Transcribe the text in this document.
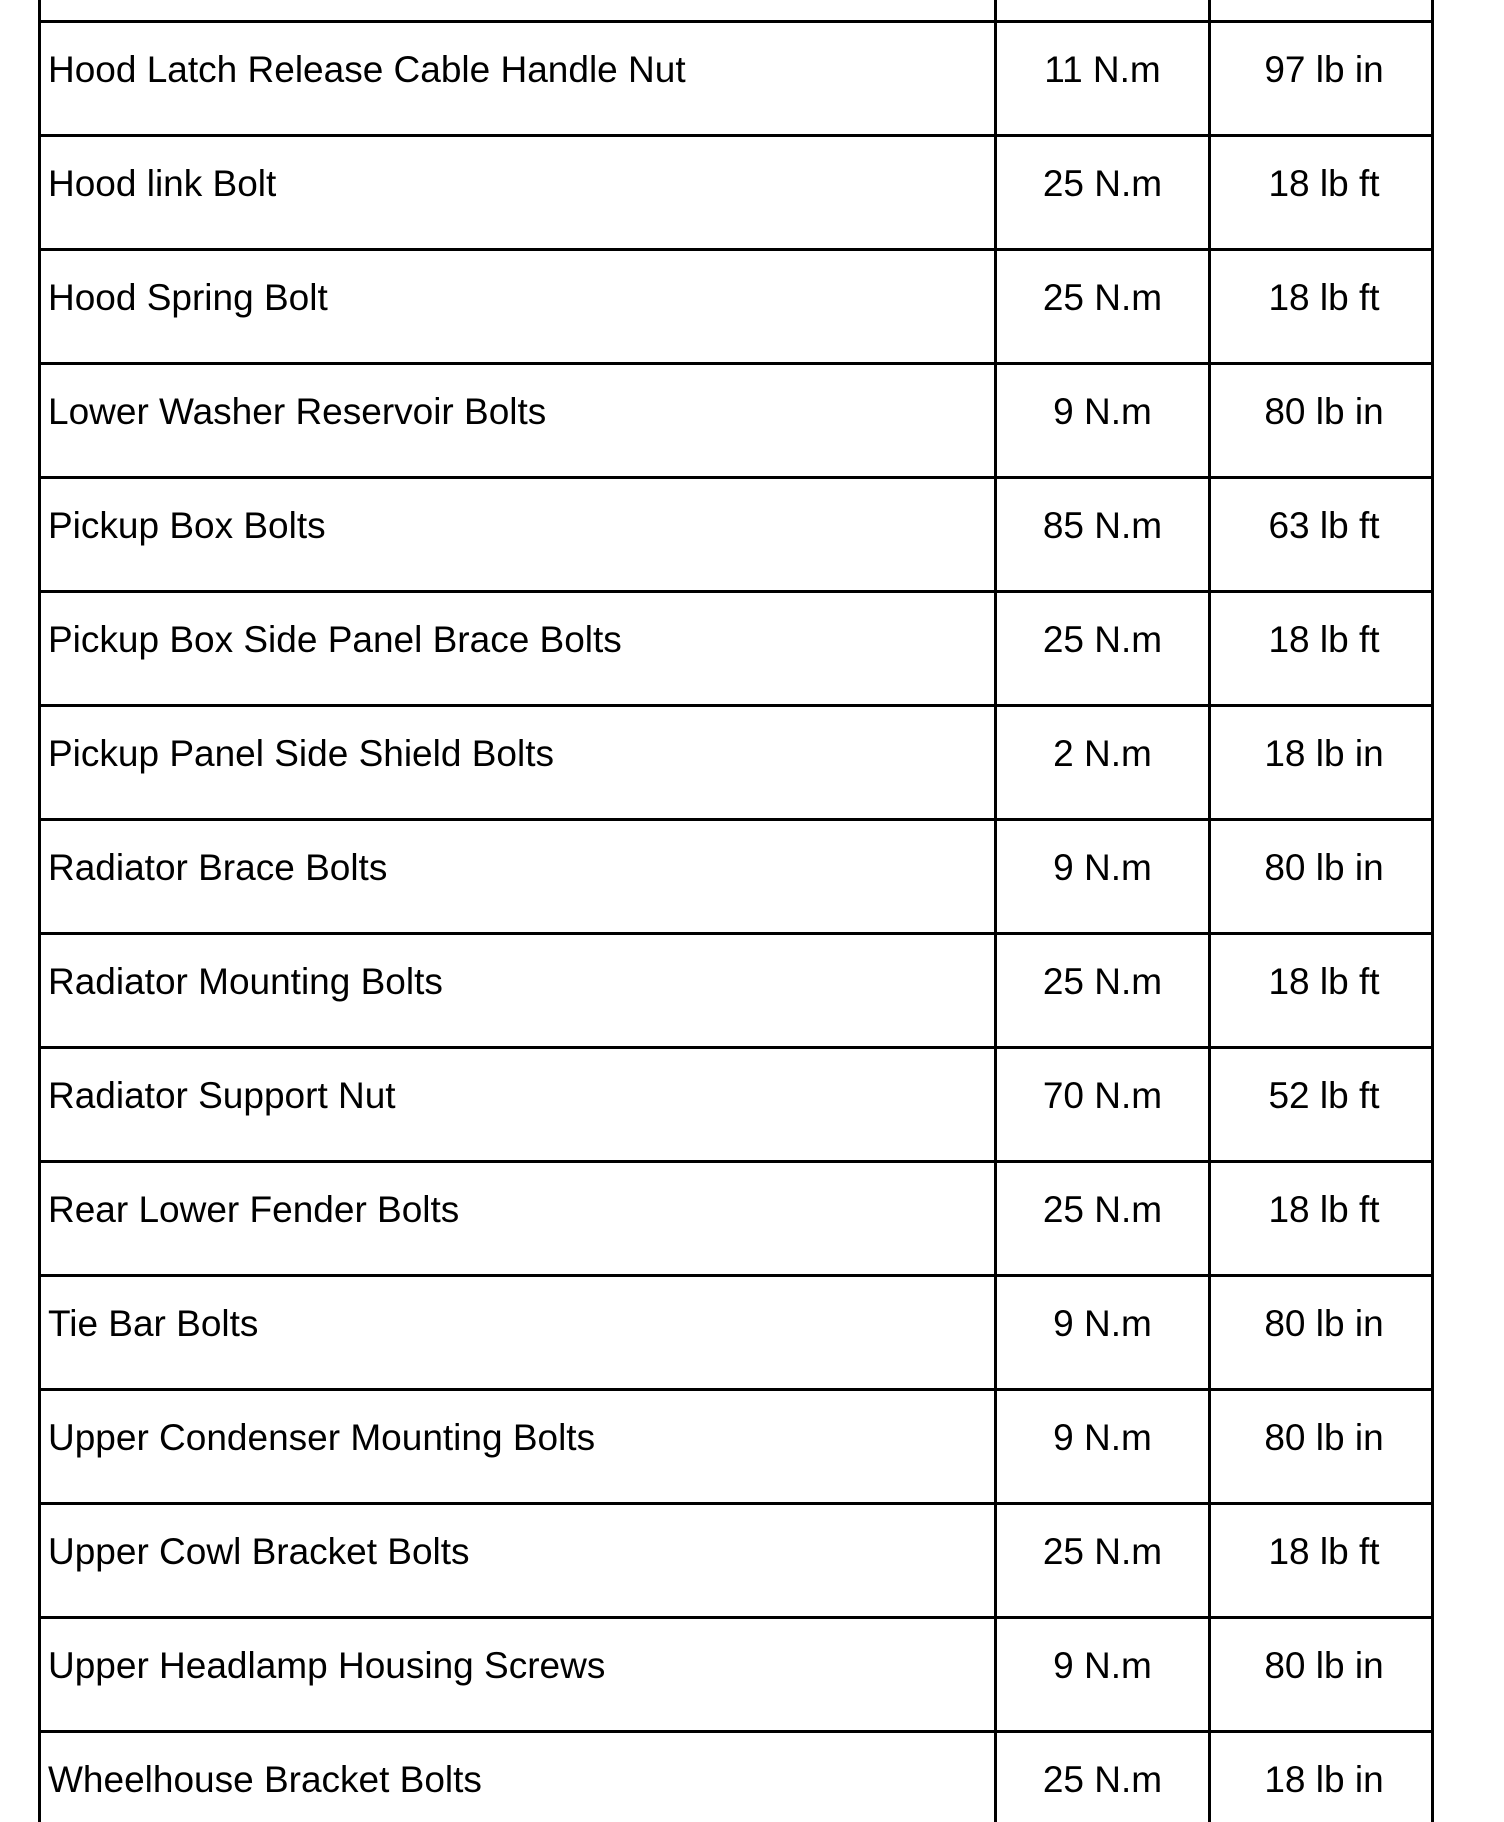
Hood Latch Release Cable Handle Nut	11 N.m	97 lb in
Hood link Bolt	25 N.m	18 lb ft
Hood Spring Bolt	25 N.m	18 lb ft
Lower Washer Reservoir Bolts	9 N.m	80 lb in
Pickup Box Bolts	85 N.m	63 lb ft
Pickup Box Side Panel Brace Bolts	25 N.m	18 lb ft
Pickup Panel Side Shield Bolts	2 N.m	18 lb in
Radiator Brace Bolts	9 N.m	80 lb in
Radiator Mounting Bolts	25 N.m	18 lb ft
Radiator Support Nut	70 N.m	52 lb ft
Rear Lower Fender Bolts	25 N.m	18 lb ft
Tie Bar Bolts	9 N.m	80 lb in
Upper Condenser Mounting Bolts	9 N.m	80 lb in
Upper Cowl Bracket Bolts	25 N.m	18 lb ft
Upper Headlamp Housing Screws	9 N.m	80 lb in
Wheelhouse Bracket Bolts	25 N.m	18 lb in
